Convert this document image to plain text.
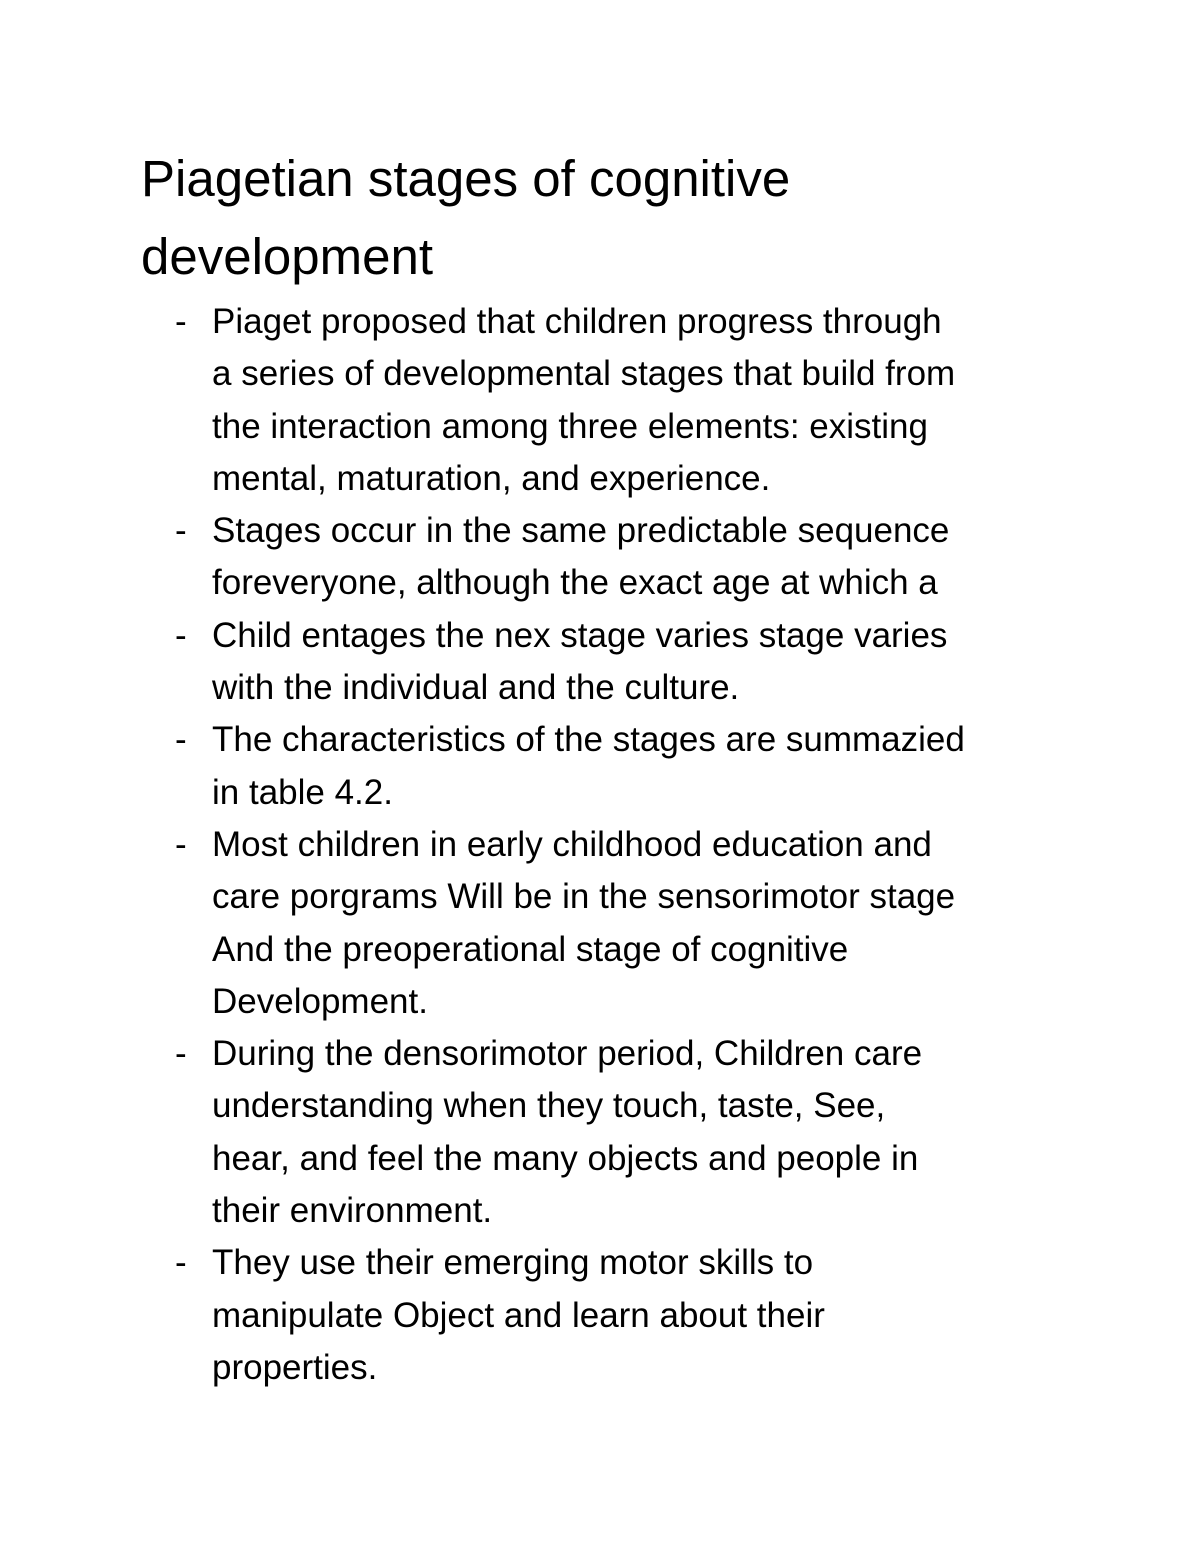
Piagetian stages of cognitive
development
- Piaget proposed that children progress through
a series of developmental stages that build from
the interaction among three elements: existing
mental, maturation, and experience.
- Stages occur in the same predictable sequence
foreveryone, although the exact age at which a
- Child entages the nex stage varies stage varies
with the individual and the culture.
- The characteristics of the stages are summazied
in table 4.2.
- Most children in early childhood education and
care porgrams Will be in the sensorimotor stage
And the preoperational stage of cognitive
Development.
- During the densorimotor period, Children care
understanding when they touch, taste, See,
hear, and feel the many objects and people in
their environment.
- They use their emerging motor skills to
manipulate Object and learn about their
properties.
